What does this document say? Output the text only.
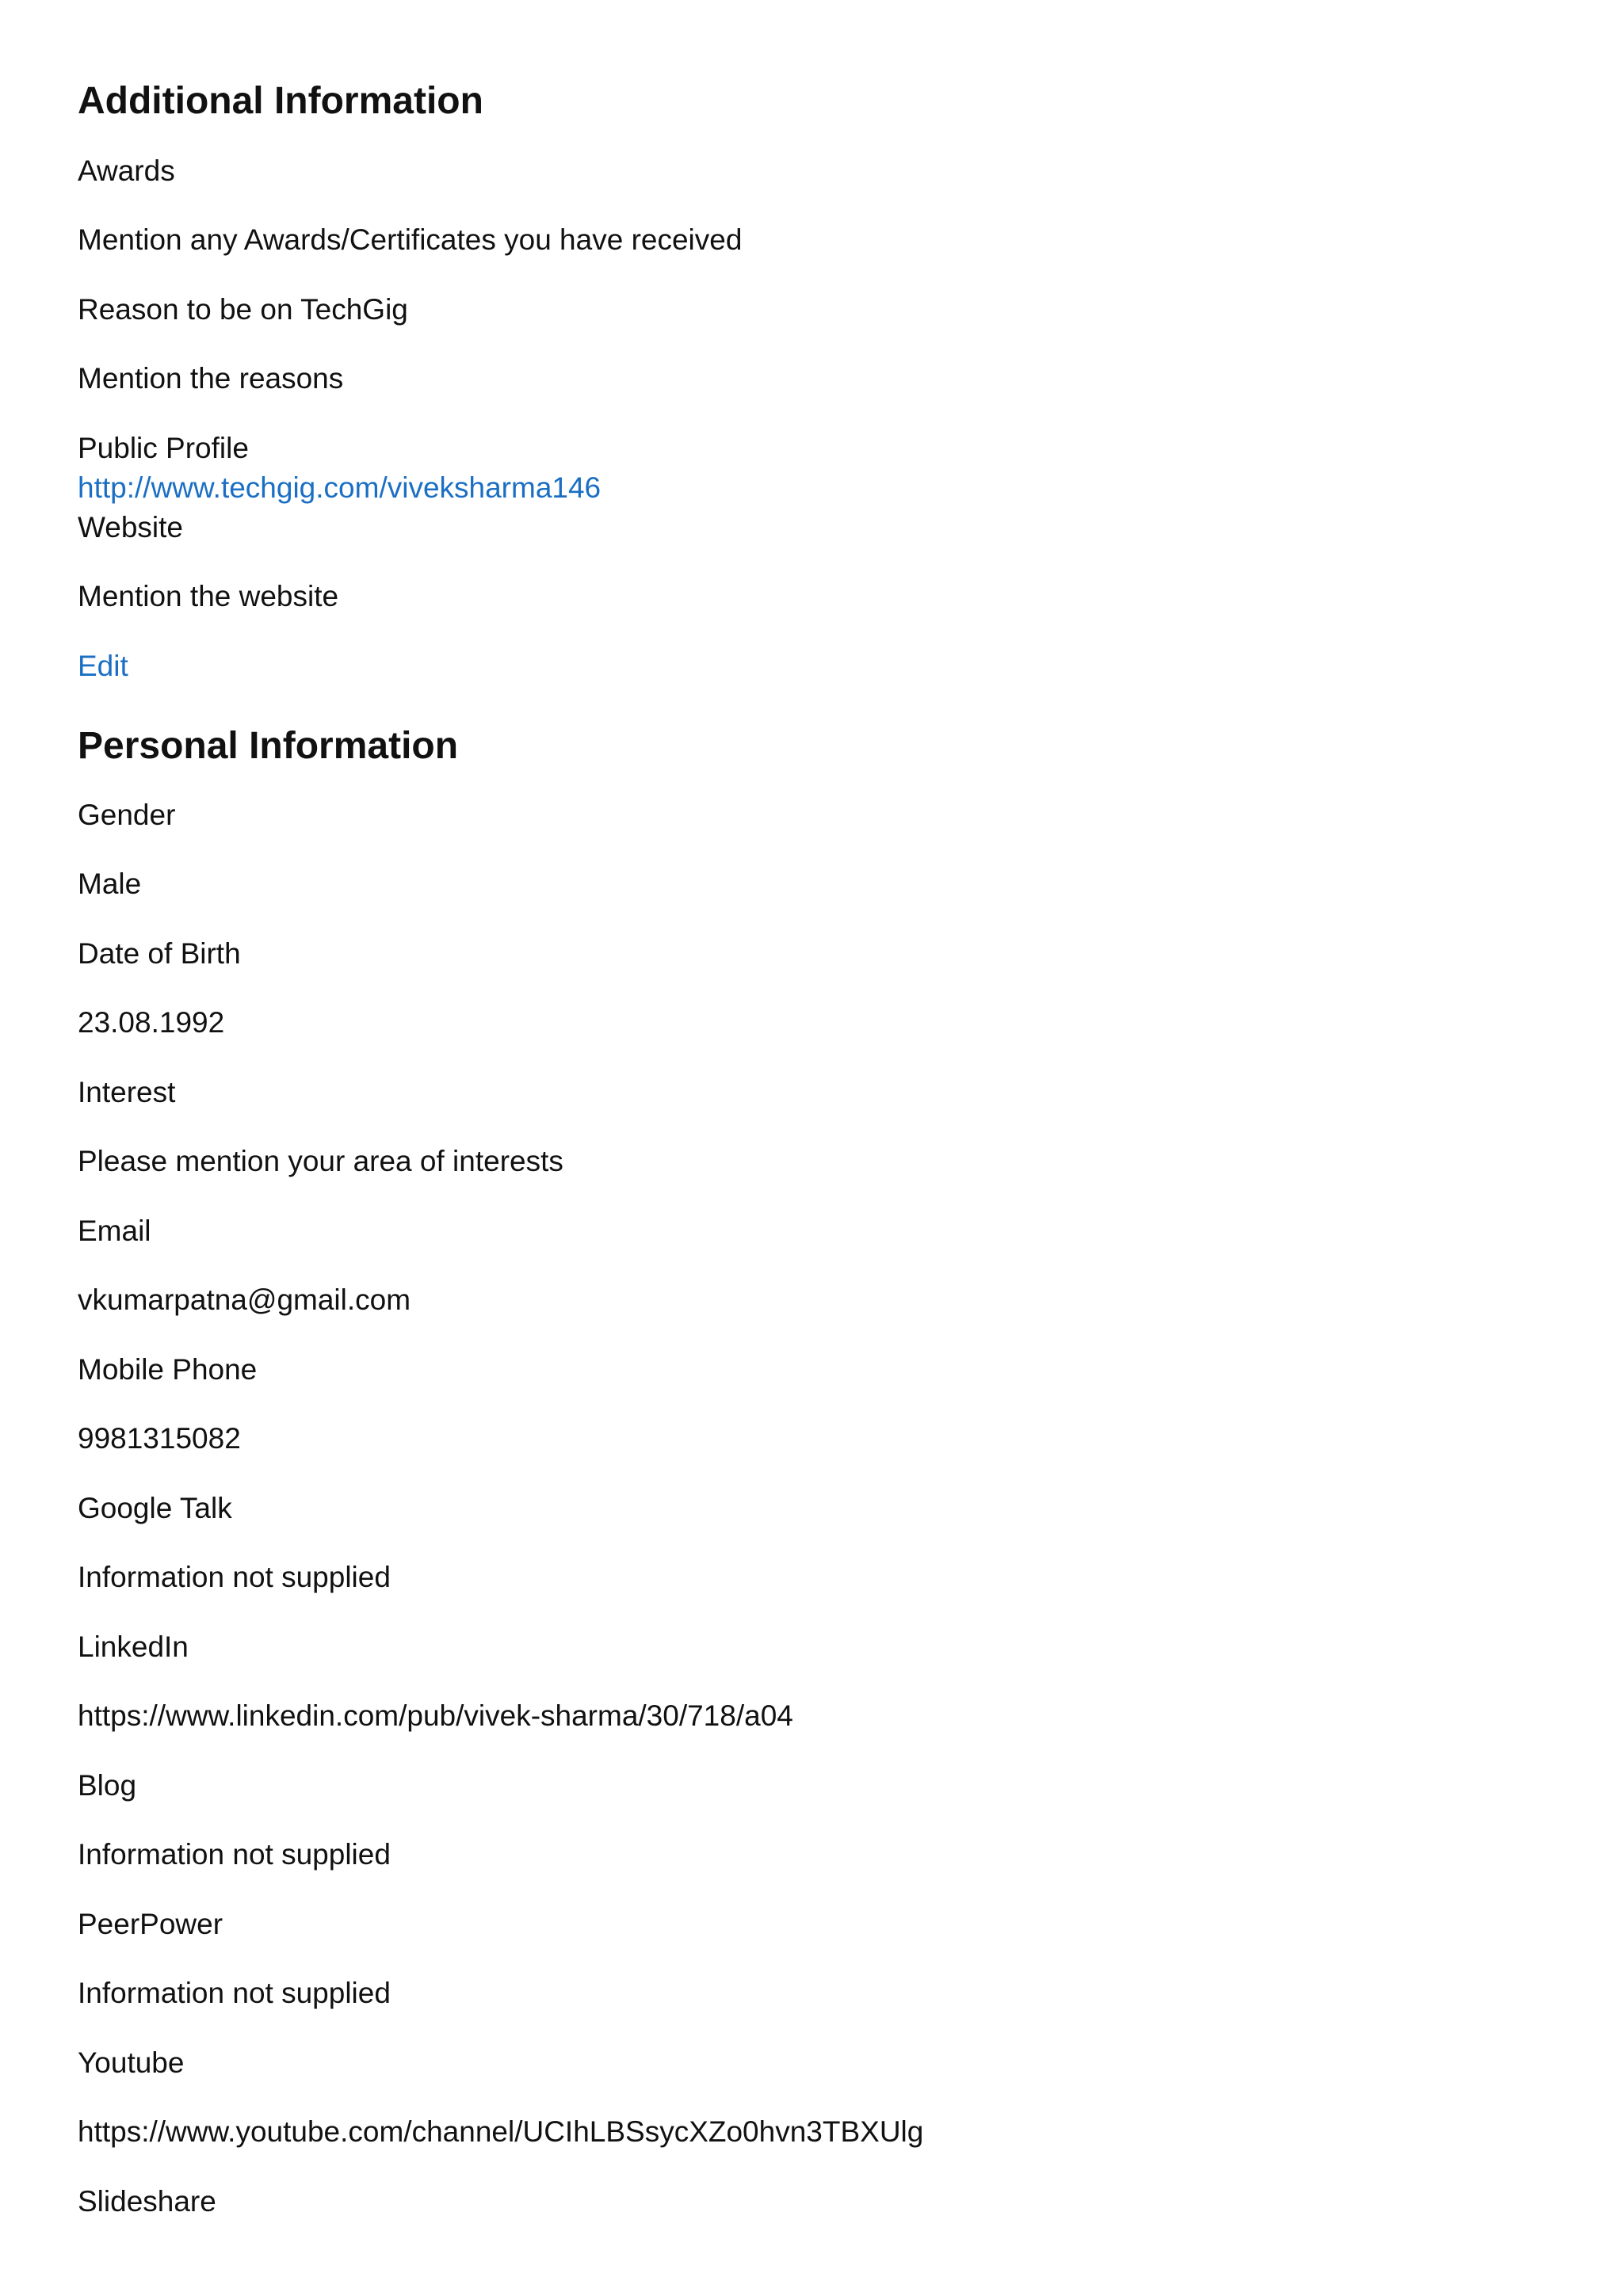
Additional Information
Awards
Mention any Awards/Certificates you have received
Reason to be on TechGig
Mention the reasons
Public Profile
http://www.techgig.com/viveksharma146
Website
Mention the website
Edit
Personal Information
Gender
Male
Date of Birth
23.08.1992
Interest
Please mention your area of interests
Email
vkumarpatna@gmail.com
Mobile Phone
9981315082
Google Talk
Information not supplied
LinkedIn
https://www.linkedin.com/pub/vivek-sharma/30/718/a04
Blog
Information not supplied
PeerPower
Information not supplied
Youtube
https://www.youtube.com/channel/UCIhLBSsycXZo0hvn3TBXUlg
Slideshare
